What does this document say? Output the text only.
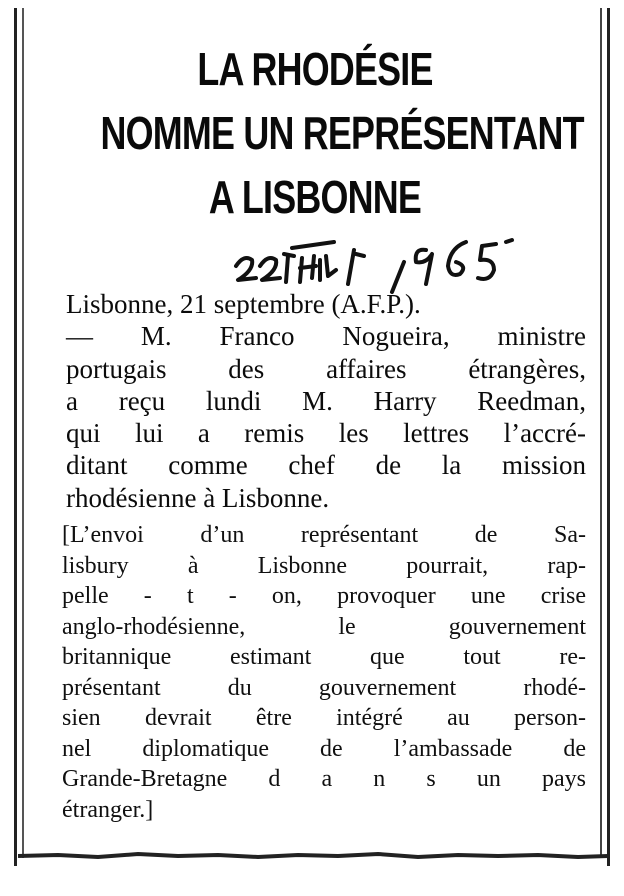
LA RHODÉSIE
NOMME UN REPRÉSENTANT
A LISBONNE
Lisbonne, 21 septembre (A.F.P.).
— M. Franco Nogueira, ministre
portugais des affaires étrangères,
a reçu lundi M. Harry Reedman,
qui lui a remis les lettres l’accré-
ditant comme chef de la mission
rhodésienne à Lisbonne.
[L’envoi d’un représentant de Sa-
lisbury à Lisbonne pourrait, rap-
pelle - t - on, provoquer une crise
anglo-rhodésienne, le gouvernement
britannique estimant que tout re-
présentant du gouvernement rhodé-
sien devrait être intégré au person-
nel diplomatique de l’ambassade de
Grande-Bretagne d a n s un pays
étranger.]
